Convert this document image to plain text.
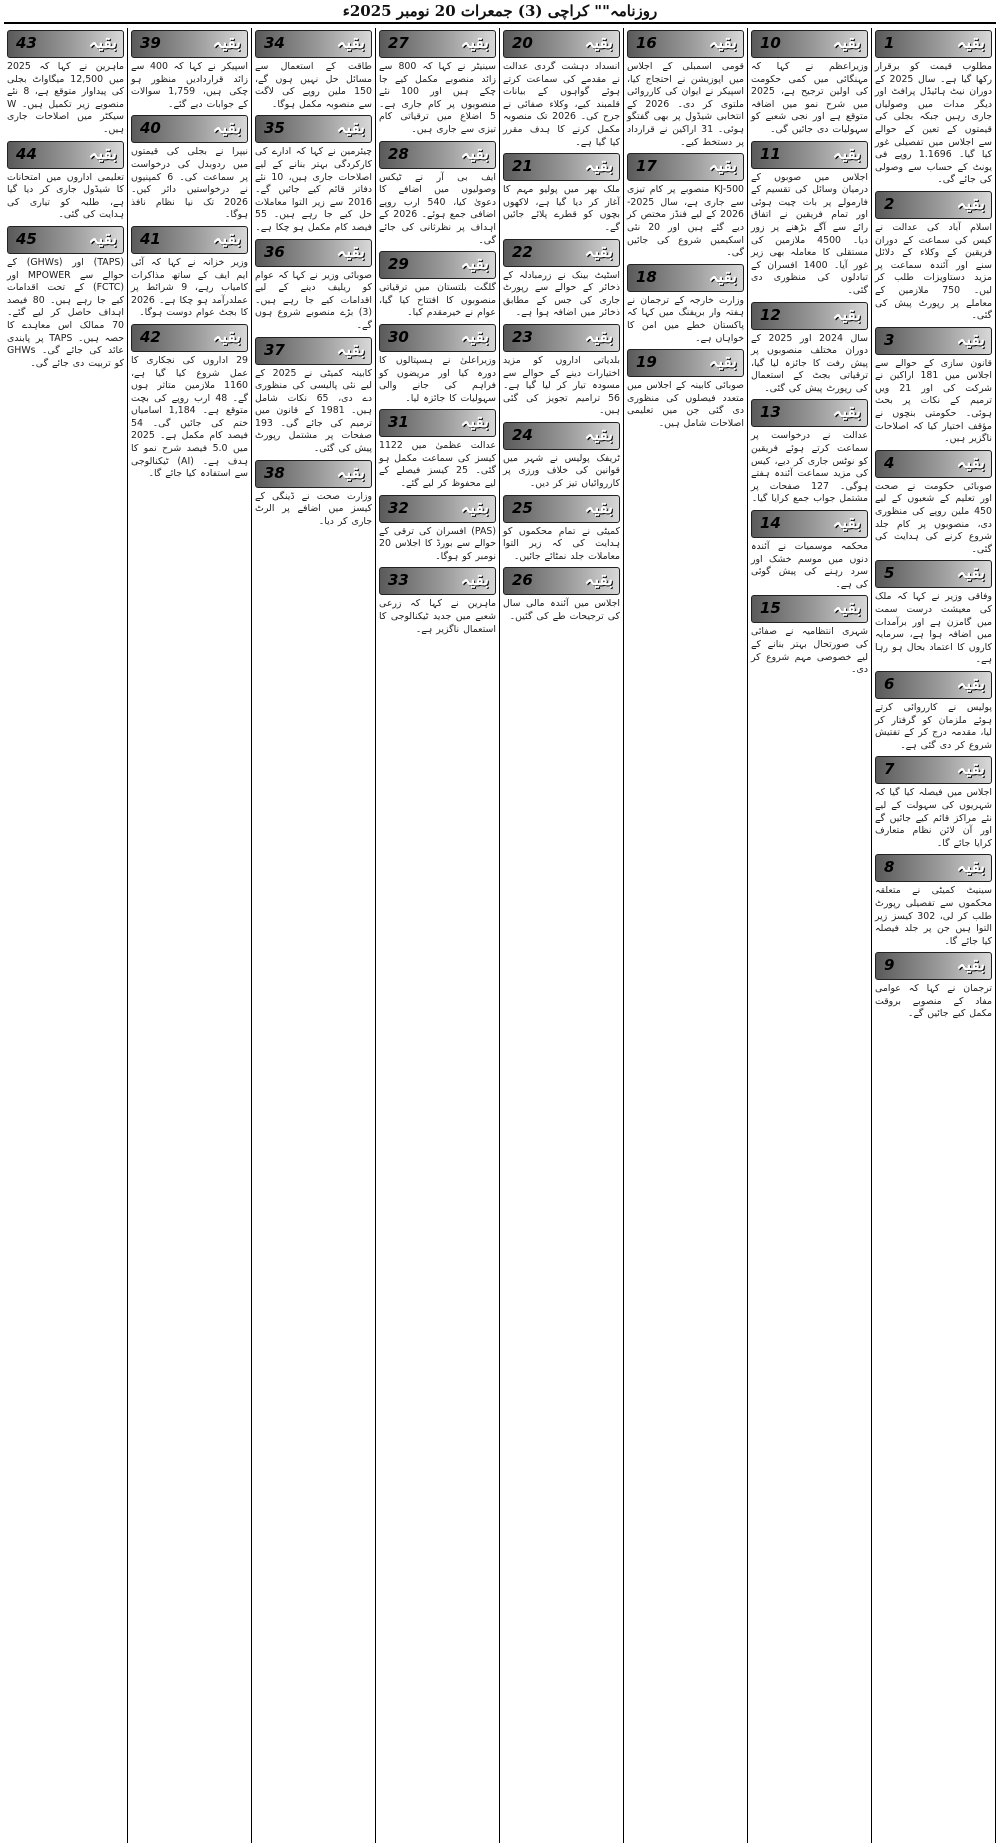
روزنامہ"" کراچی (3) جمعرات 20 نومبر 2025ء
بقیہ
1
مطلوب قیمت کو برقرار رکھا گیا ہے۔ سال 2025 کے دوران نیٹ ہائیڈل پرافٹ اور دیگر مدات میں وصولیاں جاری رہیں جبکہ بجلی کی قیمتوں کے تعین کے حوالے سے اجلاس میں تفصیلی غور کیا گیا۔ 1.1696 روپے فی یونٹ کے حساب سے وصولی کی جائے گی۔
بقیہ
2
اسلام آباد کی عدالت نے کیس کی سماعت کے دوران فریقین کے وکلاء کے دلائل سنے اور آئندہ سماعت پر مزید دستاویزات طلب کر لیں۔ 750 ملازمین کے معاملے پر رپورٹ پیش کی گئی۔
بقیہ
3
قانون سازی کے حوالے سے اجلاس میں 181 اراکین نے شرکت کی اور 21 ویں ترمیم کے نکات پر بحث ہوئی۔ حکومتی بنچوں نے مؤقف اختیار کیا کہ اصلاحات ناگزیر ہیں۔
بقیہ
4
صوبائی حکومت نے صحت اور تعلیم کے شعبوں کے لیے 450 ملین روپے کی منظوری دی، منصوبوں پر کام جلد شروع کرنے کی ہدایت کی گئی۔
بقیہ
5
وفاقی وزیر نے کہا کہ ملک کی معیشت درست سمت میں گامزن ہے اور برآمدات میں اضافہ ہوا ہے، سرمایہ کاروں کا اعتماد بحال ہو رہا ہے۔
بقیہ
6
پولیس نے کارروائی کرتے ہوئے ملزمان کو گرفتار کر لیا، مقدمہ درج کر کے تفتیش شروع کر دی گئی ہے۔
بقیہ
7
اجلاس میں فیصلہ کیا گیا کہ شہریوں کی سہولت کے لیے نئے مراکز قائم کیے جائیں گے اور آن لائن نظام متعارف کرایا جائے گا۔
بقیہ
8
سینیٹ کمیٹی نے متعلقہ محکموں سے تفصیلی رپورٹ طلب کر لی، 302 کیسز زیر التوا ہیں جن پر جلد فیصلہ کیا جائے گا۔
بقیہ
9
ترجمان نے کہا کہ عوامی مفاد کے منصوبے بروقت مکمل کیے جائیں گے۔
بقیہ
10
وزیراعظم نے کہا کہ مہنگائی میں کمی حکومت کی اولین ترجیح ہے، 2025 میں شرح نمو میں اضافہ متوقع ہے اور نجی شعبے کو سہولیات دی جائیں گی۔
بقیہ
11
اجلاس میں صوبوں کے درمیان وسائل کی تقسیم کے فارمولے پر بات چیت ہوئی اور تمام فریقین نے اتفاق رائے سے آگے بڑھنے پر زور دیا۔ 4500 ملازمین کی مستقلی کا معاملہ بھی زیر غور آیا۔ 1400 افسران کے تبادلوں کی منظوری دی گئی۔
بقیہ
12
سال 2024 اور 2025 کے دوران مختلف منصوبوں پر پیش رفت کا جائزہ لیا گیا، ترقیاتی بجٹ کے استعمال کی رپورٹ پیش کی گئی۔
بقیہ
13
عدالت نے درخواست پر سماعت کرتے ہوئے فریقین کو نوٹس جاری کر دیے، کیس کی مزید سماعت آئندہ ہفتے ہوگی۔ 127 صفحات پر مشتمل جواب جمع کرایا گیا۔
بقیہ
14
محکمہ موسمیات نے آئندہ دنوں میں موسم خشک اور سرد رہنے کی پیش گوئی کی ہے۔
بقیہ
15
شہری انتظامیہ نے صفائی کی صورتحال بہتر بنانے کے لیے خصوصی مہم شروع کر دی۔
بقیہ
16
قومی اسمبلی کے اجلاس میں اپوزیشن نے احتجاج کیا، اسپیکر نے ایوان کی کارروائی ملتوی کر دی۔ 2026 کے انتخابی شیڈول پر بھی گفتگو ہوئی۔ 31 اراکین نے قرارداد پر دستخط کیے۔
بقیہ
17
KJ-500 منصوبے پر کام تیزی سے جاری ہے، سال 2025-2026 کے لیے فنڈز مختص کر دیے گئے ہیں اور 20 نئی اسکیمیں شروع کی جائیں گی۔
بقیہ
18
وزارت خارجہ کے ترجمان نے ہفتہ وار بریفنگ میں کہا کہ پاکستان خطے میں امن کا خواہاں ہے۔
بقیہ
19
صوبائی کابینہ کے اجلاس میں متعدد فیصلوں کی منظوری دی گئی جن میں تعلیمی اصلاحات شامل ہیں۔
بقیہ
20
انسداد دہشت گردی عدالت نے مقدمے کی سماعت کرتے ہوئے گواہوں کے بیانات قلمبند کیے، وکلاء صفائی نے جرح کی۔ 2026 تک منصوبہ مکمل کرنے کا ہدف مقرر کیا گیا ہے۔
بقیہ
21
ملک بھر میں پولیو مہم کا آغاز کر دیا گیا ہے، لاکھوں بچوں کو قطرے پلائے جائیں گے۔
بقیہ
22
اسٹیٹ بینک نے زرمبادلہ کے ذخائر کے حوالے سے رپورٹ جاری کی جس کے مطابق ذخائر میں اضافہ ہوا ہے۔
بقیہ
23
بلدیاتی اداروں کو مزید اختیارات دینے کے حوالے سے مسودہ تیار کر لیا گیا ہے۔ 56 ترامیم تجویز کی گئی ہیں۔
بقیہ
24
ٹریفک پولیس نے شہر میں قوانین کی خلاف ورزی پر کارروائیاں تیز کر دیں۔
بقیہ
25
کمیٹی نے تمام محکموں کو ہدایت کی کہ زیر التوا معاملات جلد نمٹائے جائیں۔
بقیہ
26
اجلاس میں آئندہ مالی سال کی ترجیحات طے کی گئیں۔
بقیہ
27
سینیٹر نے کہا کہ 800 سے زائد منصوبے مکمل کیے جا چکے ہیں اور 100 نئے منصوبوں پر کام جاری ہے۔ 5 اضلاع میں ترقیاتی کام تیزی سے جاری ہیں۔
بقیہ
28
ایف بی آر نے ٹیکس وصولیوں میں اضافے کا دعویٰ کیا، 540 ارب روپے اضافی جمع ہوئے۔ 2026 کے اہداف پر نظرثانی کی جائے گی۔
بقیہ
29
گلگت بلتستان میں ترقیاتی منصوبوں کا افتتاح کیا گیا، عوام نے خیرمقدم کیا۔
بقیہ
30
وزیراعلیٰ نے ہسپتالوں کا دورہ کیا اور مریضوں کو فراہم کی جانے والی سہولیات کا جائزہ لیا۔
بقیہ
31
عدالت عظمیٰ میں 1122 کیسز کی سماعت مکمل ہو گئی۔ 25 کیسز فیصلے کے لیے محفوظ کر لیے گئے۔
بقیہ
32
(PAS) افسران کی ترقی کے حوالے سے بورڈ کا اجلاس 20 نومبر کو ہوگا۔
بقیہ
33
ماہرین نے کہا کہ زرعی شعبے میں جدید ٹیکنالوجی کا استعمال ناگزیر ہے۔
بقیہ
34
طاقت کے استعمال سے مسائل حل نہیں ہوں گے، 150 ملین روپے کی لاگت سے منصوبہ مکمل ہوگا۔
بقیہ
35
چیئرمین نے کہا کہ ادارے کی کارکردگی بہتر بنانے کے لیے اصلاحات جاری ہیں، 10 نئے دفاتر قائم کیے جائیں گے۔ 2016 سے زیر التوا معاملات حل کیے جا رہے ہیں۔ 55 فیصد کام مکمل ہو چکا ہے۔
بقیہ
36
صوبائی وزیر نے کہا کہ عوام کو ریلیف دینے کے لیے اقدامات کیے جا رہے ہیں۔ (3) بڑے منصوبے شروع ہوں گے۔
بقیہ
37
کابینہ کمیٹی نے 2025 کے لیے نئی پالیسی کی منظوری دے دی، 65 نکات شامل ہیں۔ 1981 کے قانون میں ترمیم کی جائے گی۔ 193 صفحات پر مشتمل رپورٹ پیش کی گئی۔
بقیہ
38
وزارت صحت نے ڈینگی کے کیسز میں اضافے پر الرٹ جاری کر دیا۔
بقیہ
39
اسپیکر نے کہا کہ 400 سے زائد قراردادیں منظور ہو چکی ہیں، 1,759 سوالات کے جوابات دیے گئے۔
بقیہ
40
نیپرا نے بجلی کی قیمتوں میں ردوبدل کی درخواست پر سماعت کی۔ 6 کمپنیوں نے درخواستیں دائر کیں۔ 2026 تک نیا نظام نافذ ہوگا۔
بقیہ
41
وزیر خزانہ نے کہا کہ آئی ایم ایف کے ساتھ مذاکرات کامیاب رہے، 9 شرائط پر عملدرآمد ہو چکا ہے۔ 2026 کا بجٹ عوام دوست ہوگا۔
بقیہ
42
29 اداروں کی نجکاری کا عمل شروع کیا گیا ہے، 1160 ملازمین متاثر ہوں گے۔ 48 ارب روپے کی بچت متوقع ہے۔ 1,184 اسامیاں ختم کی جائیں گی۔ 54 فیصد کام مکمل ہے۔ 2025 میں 5.0 فیصد شرح نمو کا ہدف ہے۔ (AI) ٹیکنالوجی سے استفادہ کیا جائے گا۔
بقیہ
43
ماہرین نے کہا کہ 2025 میں 12,500 میگاواٹ بجلی کی پیداوار متوقع ہے، 8 نئے منصوبے زیر تکمیل ہیں۔ W سیکٹر میں اصلاحات جاری ہیں۔
بقیہ
44
تعلیمی اداروں میں امتحانات کا شیڈول جاری کر دیا گیا ہے، طلبہ کو تیاری کی ہدایت کی گئی۔
بقیہ
45
(TAPS) اور (GHWs) کے حوالے سے MPOWER اور (FCTC) کے تحت اقدامات کیے جا رہے ہیں۔ 80 فیصد اہداف حاصل کر لیے گئے۔ 70 ممالک اس معاہدے کا حصہ ہیں۔ TAPS پر پابندی عائد کی جائے گی۔ GHWs کو تربیت دی جائے گی۔
